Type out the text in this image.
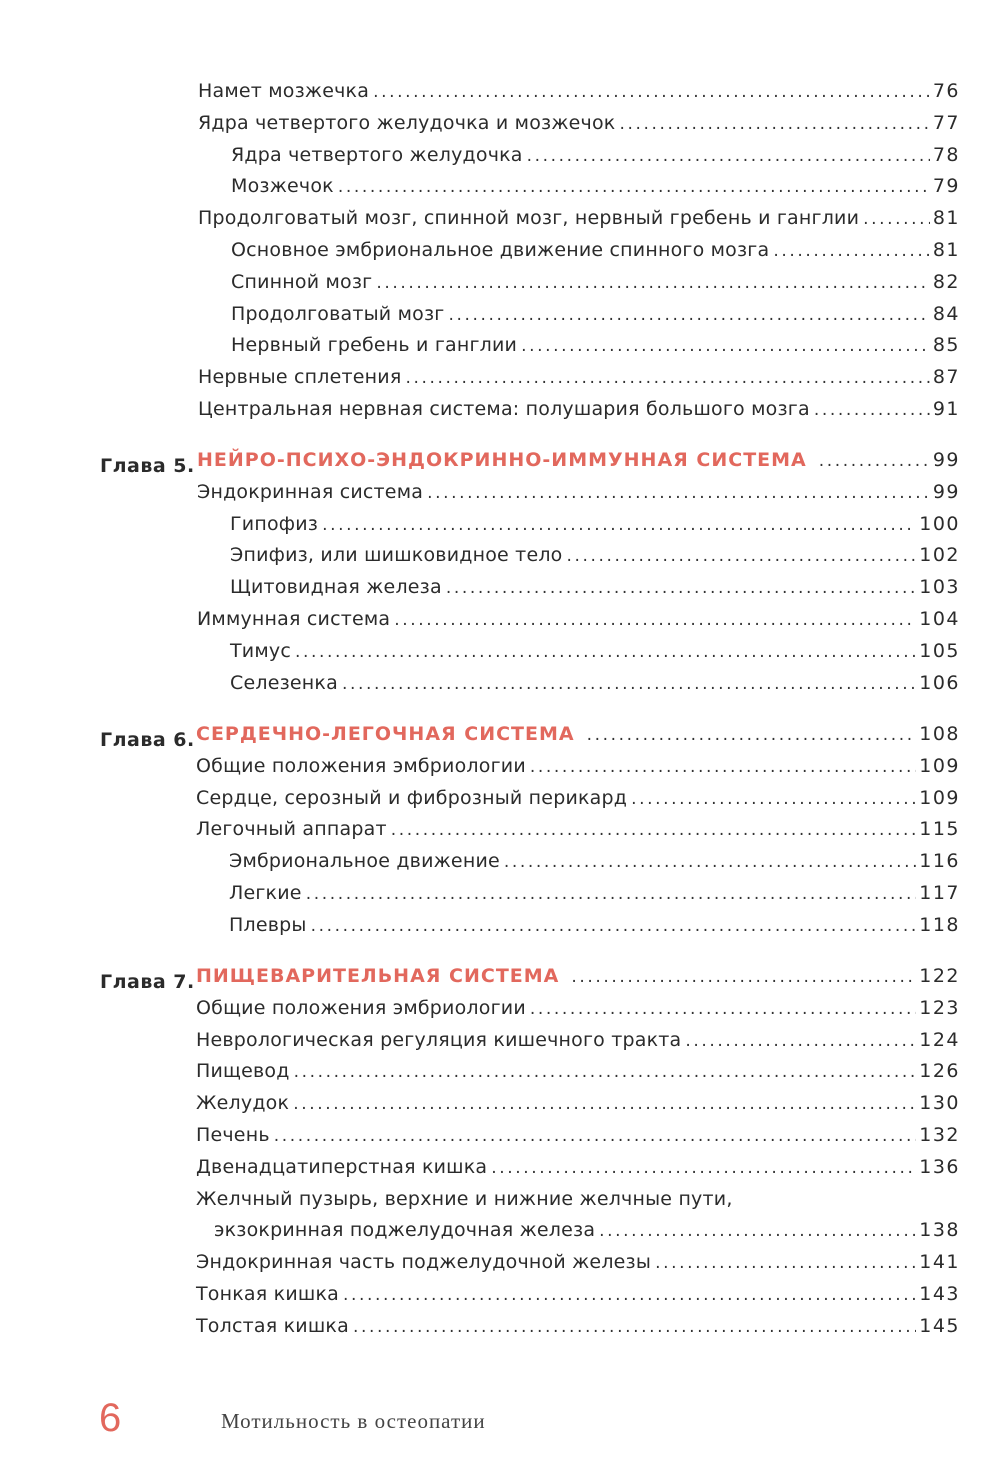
Намет мозжечка .....	76
Ядра четвертого желудочка и мозжечок .....	77
Ядра четвертого желудочка .....	78
Мозжечок .....	79
Продолговатый мозг, спинной мозг, нервный гребень и ганглии .....	81
Основное эмбриональное движение спинного мозга .....	81
Спинной мозг .....	82
Продолговатый мозг .....	84
Нервный гребень и ганглии .....	85
Нервные сплетения .....	87
Центральная нервная система: полушария большого мозга .....	91
Глава 5. НЕЙРО-ПСИХО-ЭНДОКРИННО-ИММУННАЯ СИСТЕМА .....	99
Эндокринная система .....	99
Гипофиз .....	100
Эпифиз, или шишковидное тело .....	102
Щитовидная железа .....	103
Иммунная система .....	104
Тимус .....	105
Селезенка .....	106
Глава 6. СЕРДЕЧНО-ЛЕГОЧНАЯ СИСТЕМА .....	108
Общие положения эмбриологии .....	109
Сердце, серозный и фиброзный перикард .....	109
Легочный аппарат .....	115
Эмбриональное движение .....	116
Легкие .....	117
Плевры .....	118
Глава 7. ПИЩЕВАРИТЕЛЬНАЯ СИСТЕМА .....	122
Общие положения эмбриологии .....	123
Неврологическая регуляция кишечного тракта .....	124
Пищевод .....	126
Желудок .....	130
Печень .....	132
Двенадцатиперстная кишка .....	136
Желчный пузырь, верхние и нижние желчные пути,
экзокринная поджелудочная железа .....	138
Эндокринная часть поджелудочной железы .....	141
Тонкая кишка .....	143
Толстая кишка .....	145
6	Мотильность в остеопатии
